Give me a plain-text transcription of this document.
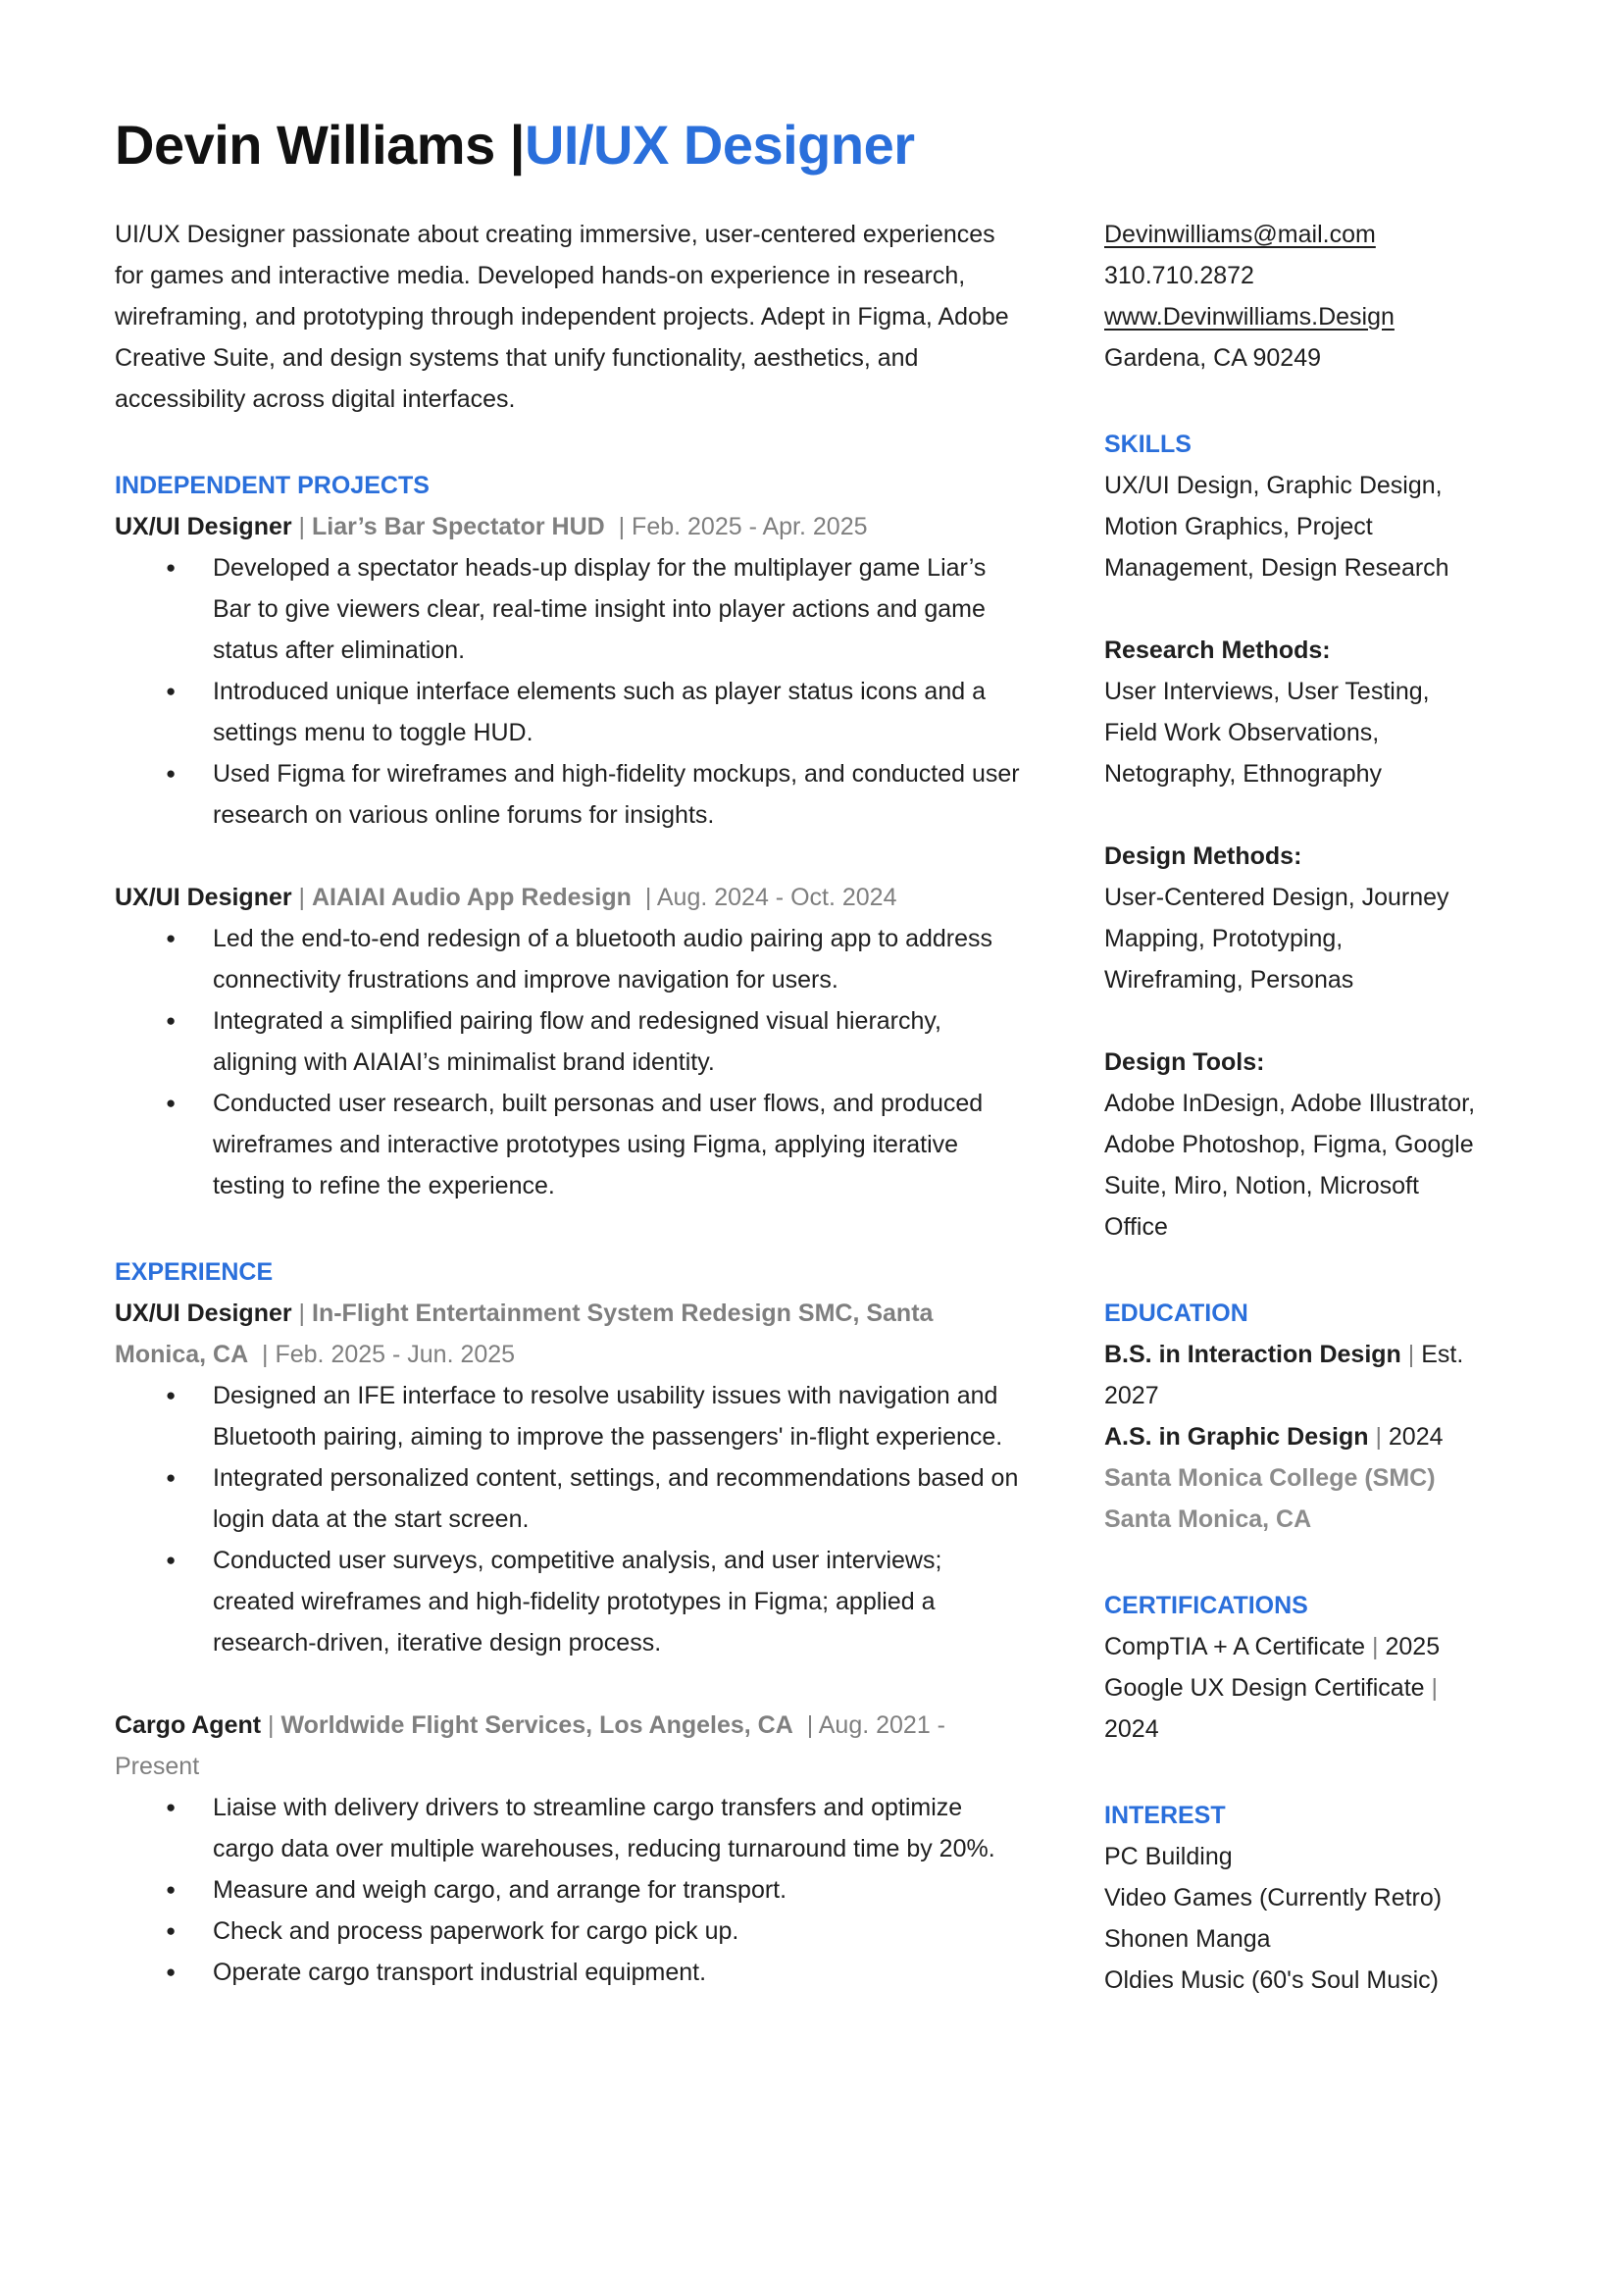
Devin Williams |UI/UX Designer

UI/UX Designer passionate about creating immersive, user-centered experiences for games and interactive media. Developed hands-on experience in research, wireframing, and prototyping through independent projects. Adept in Figma, Adobe Creative Suite, and design systems that unify functionality, aesthetics, and accessibility across digital interfaces.

INDEPENDENT PROJECTS

UX/UI Designer | Liar’s Bar Spectator HUD  | Feb. 2025 - Apr. 2025

● Developed a spectator heads-up display for the multiplayer game Liar’s Bar to give viewers clear, real-time insight into player actions and game status after elimination.
● Introduced unique interface elements such as player status icons and a settings menu to toggle HUD.
● Used Figma for wireframes and high-fidelity mockups, and conducted user research on various online forums for insights.

UX/UI Designer | AIAIAI Audio App Redesign  | Aug. 2024 - Oct. 2024

● Led the end-to-end redesign of a bluetooth audio pairing app to address connectivity frustrations and improve navigation for users.
● Integrated a simplified pairing flow and redesigned visual hierarchy, aligning with AIAIAI’s minimalist brand identity.
● Conducted user research, built personas and user flows, and produced wireframes and interactive prototypes using Figma, applying iterative testing to refine the experience.
EXPERIENCE

UX/UI Designer | In-Flight Entertainment System Redesign SMC, Santa Monica, CA  | Feb. 2025 - Jun. 2025

● Designed an IFE interface to resolve usability issues with navigation and Bluetooth pairing, aiming to improve the passengers' in-flight experience.
● Integrated personalized content, settings, and recommendations based on login data at the start screen.
● Conducted user surveys, competitive analysis, and user interviews; created wireframes and high-fidelity prototypes in Figma; applied a research-driven, iterative design process.

Cargo Agent | Worldwide Flight Services, Los Angeles, CA  | Aug. 2021 - Present

● Liaise with delivery drivers to streamline cargo transfers and optimize cargo data over multiple warehouses, reducing turnaround time by 20%.
● Measure and weigh cargo, and arrange for transport.
● Check and process paperwork for cargo pick up.
● Operate cargo transport industrial equipment.

Devinwilliams@mail.com

310.710.2872

www.Devinwilliams.Design

Gardena, CA 90249

SKILLS
UX/UI Design, Graphic Design, Motion Graphics, Project Management, Design Research
Research Methods:
User Interviews, User Testing, Field Work Observations, Netography, Ethnography
Design Methods:
User-Centered Design, Journey Mapping, Prototyping, Wireframing, Personas
Design Tools:
Adobe InDesign, Adobe Illustrator, Adobe Photoshop, Figma, Google Suite, Miro, Notion, Microsoft Office
EDUCATION

B.S. in Interaction Design | Est. 2027

A.S. in Graphic Design | 2024

Santa Monica College (SMC)

Santa Monica, CA

CERTIFICATIONS

CompTIA + A Certificate | 2025

Google UX Design Certificate | 2024

INTEREST

PC Building

Video Games (Currently Retro)

Shonen Manga

Oldies Music (60's Soul Music)
